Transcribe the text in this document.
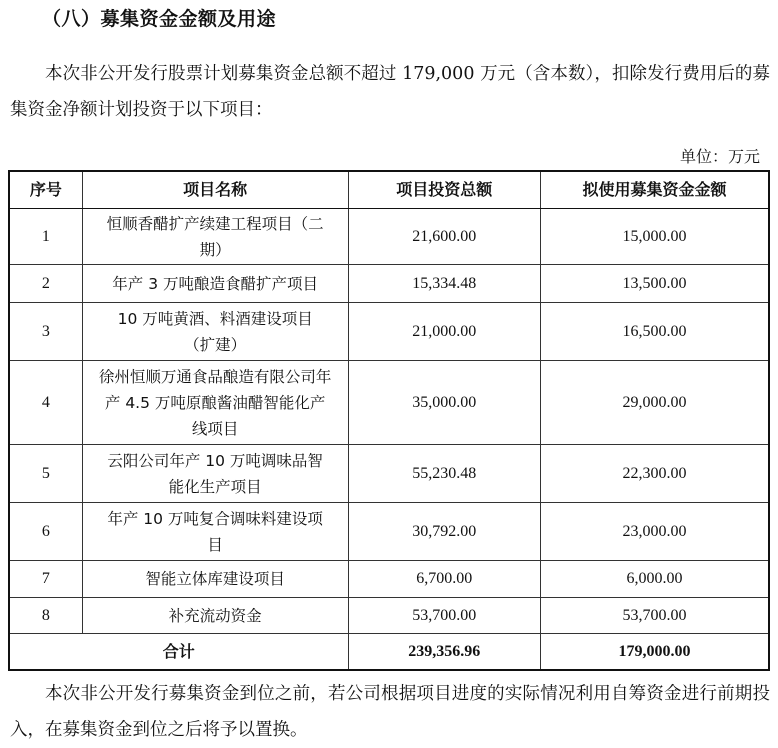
（八）募集资金金额及用途
本次非公开发行股票计划募集资金总额不超过 179,000 万元（含本数），扣除发行费用后的募集资金净额计划投资于以下项目：
单位：万元
序号	项目名称	项目投资总额	拟使用募集资金金额
1	恒顺香醋扩产续建工程项目（二期）	21,600.00	15,000.00
2	年产 3 万吨酿造食醋扩产项目	15,334.48	13,500.00
3	10 万吨黄酒、料酒建设项目（扩建）	21,000.00	16,500.00
4	徐州恒顺万通食品酿造有限公司年产 4.5 万吨原酿酱油醋智能化产线项目	35,000.00	29,000.00
5	云阳公司年产 10 万吨调味品智能化生产项目	55,230.48	22,300.00
6	年产 10 万吨复合调味料建设项目	30,792.00	23,000.00
7	智能立体库建设项目	6,700.00	6,000.00
8	补充流动资金	53,700.00	53,700.00
合计		239,356.96	179,000.00
本次非公开发行募集资金到位之前，若公司根据项目进度的实际情况利用自筹资金进行前期投入，在募集资金到位之后将予以置换。
